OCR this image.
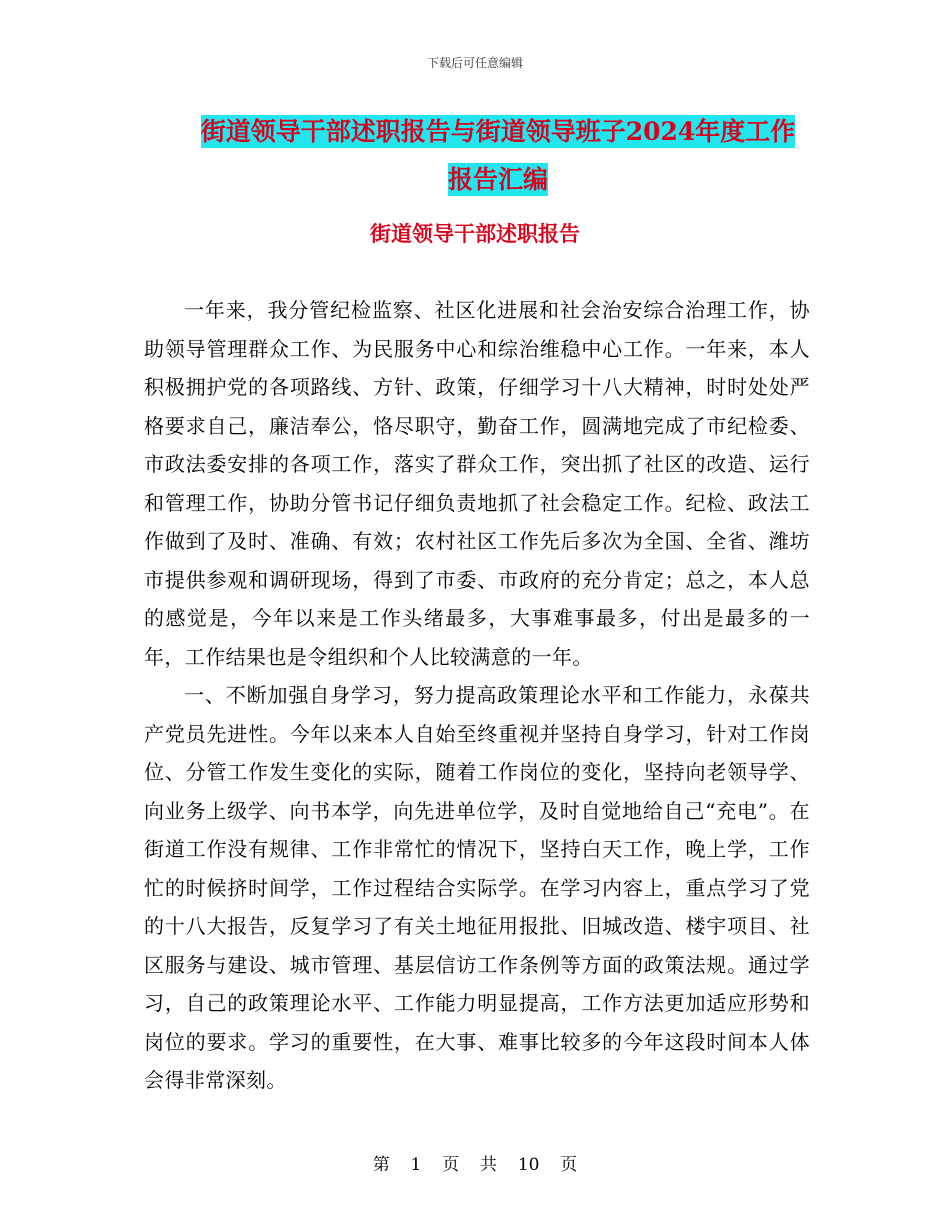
下载后可任意编辑
街道领导干部述职报告与街道领导班子2024年度工作
报告汇编
街道领导干部述职报告

一年来，我分管纪检监察、社区化进展和社会治安综合治理工作，协助领导管理群众工作、为民服务中心和综治维稳中心工作。一年来，本人积极拥护党的各项路线、方针、政策，仔细学习十八大精神，时时处处严格要求自己，廉洁奉公，恪尽职守，勤奋工作，圆满地完成了市纪检委、市政法委安排的各项工作，落实了群众工作，突出抓了社区的改造、运行和管理工作，协助分管书记仔细负责地抓了社会稳定工作。纪检、政法工作做到了及时、准确、有效；农村社区工作先后多次为全国、全省、潍坊市提供参观和调研现场，得到了市委、市政府的充分肯定；总之，本人总的感觉是，今年以来是工作头绪最多，大事难事最多，付出是最多的一年，工作结果也是令组织和个人比较满意的一年。

一、不断加强自身学习，努力提高政策理论水平和工作能力，永葆共产党员先进性。今年以来本人自始至终重视并坚持自身学习，针对工作岗位、分管工作发生变化的实际，随着工作岗位的变化，坚持向老领导学、向业务上级学、向书本学，向先进单位学，及时自觉地给自己“充电”。在街道工作没有规律、工作非常忙的情况下，坚持白天工作，晚上学，工作忙的时候挤时间学，工作过程结合实际学。在学习内容上，重点学习了党的十八大报告，反复学习了有关土地征用报批、旧城改造、楼宇项目、社区服务与建设、城市管理、基层信访工作条例等方面的政策法规。通过学习，自己的政策理论水平、工作能力明显提高，工作方法更加适应形势和岗位的要求。学习的重要性，在大事、难事比较多的今年这段时间本人体会得非常深刻。

第 1 页 共 10 页
